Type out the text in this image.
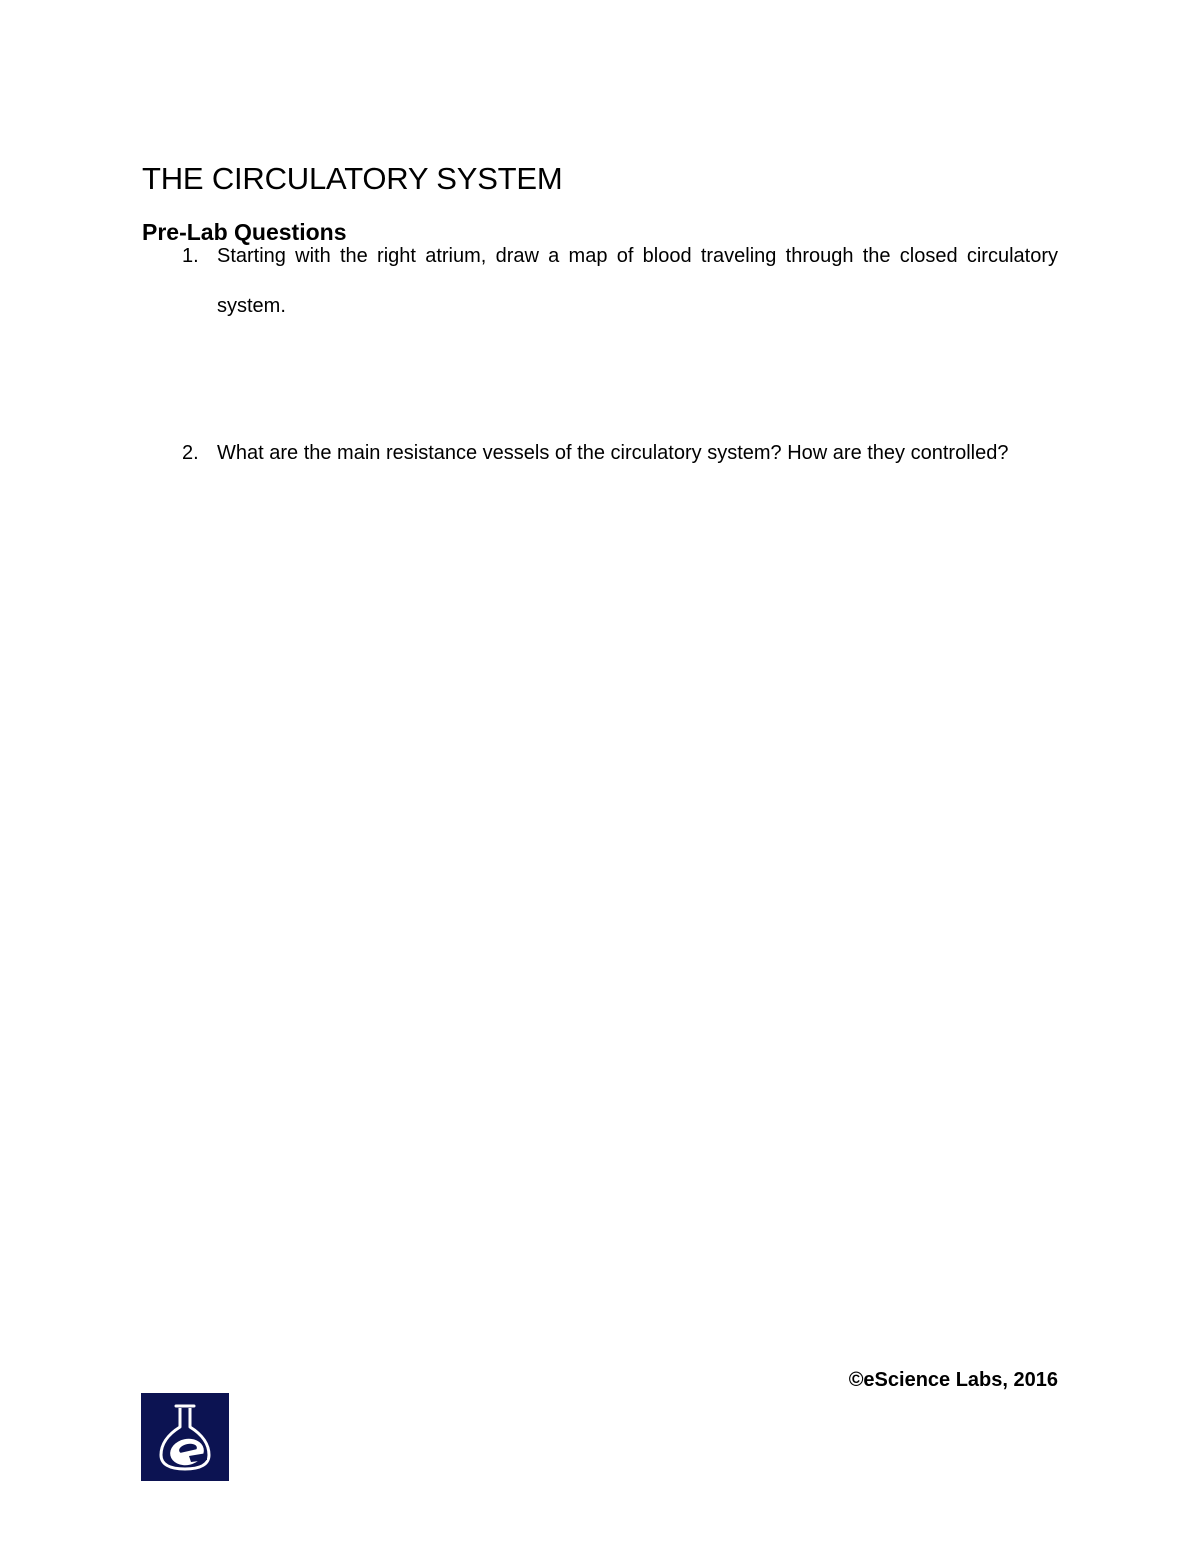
THE CIRCULATORY SYSTEM
Pre-Lab Questions
1. Starting with the right atrium, draw a map of blood traveling through the closed circulatory system.
2. What are the main resistance vessels of the circulatory system? How are they controlled?
©eScience Labs, 2016
